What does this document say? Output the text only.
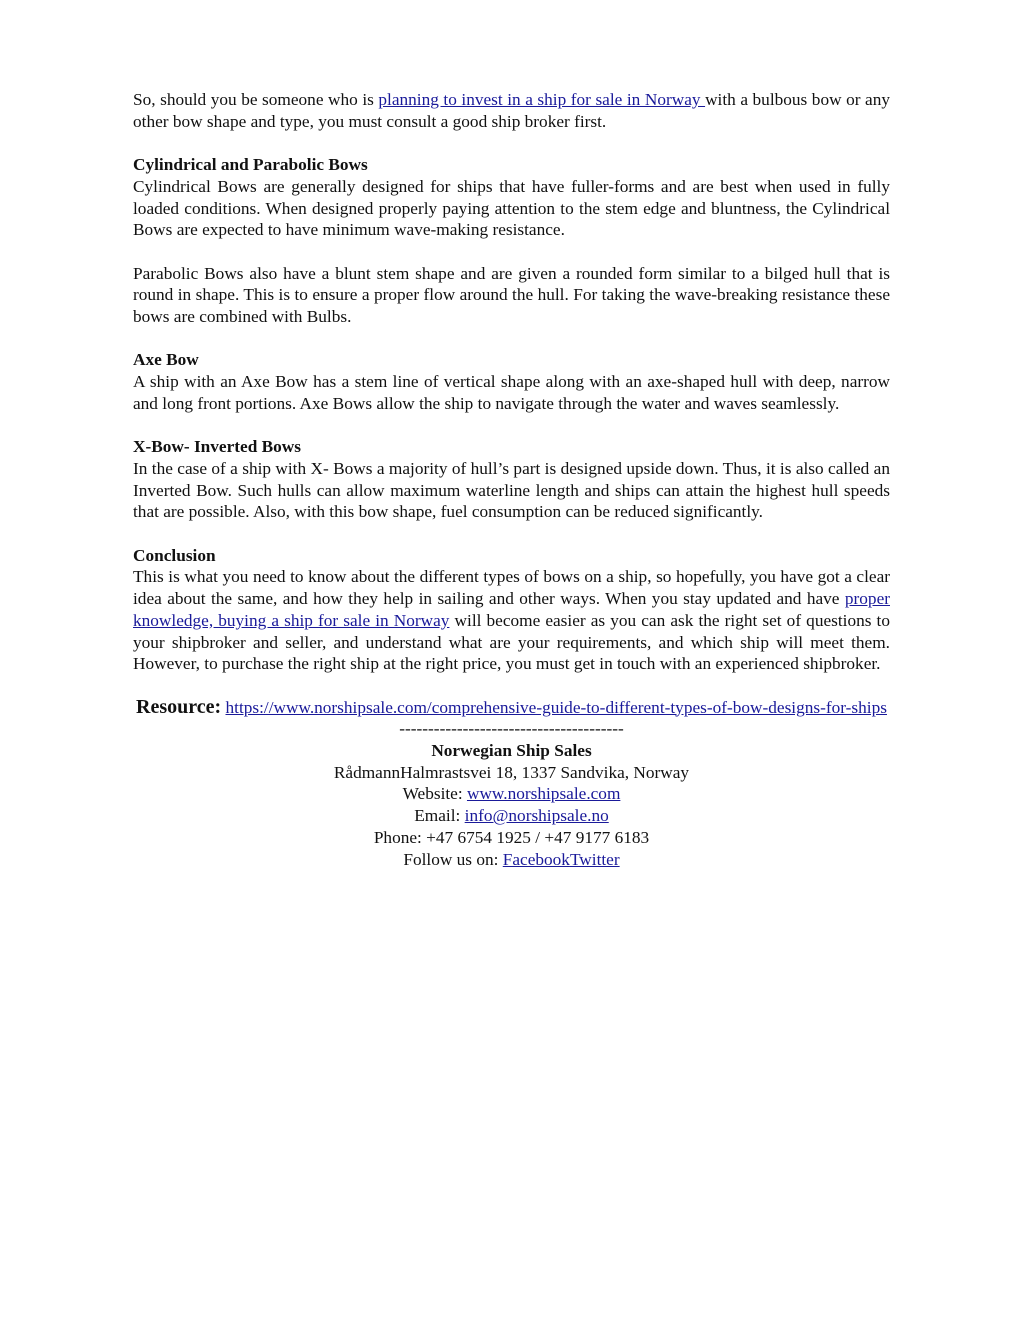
So, should you be someone who is planning to invest in a ship for sale in Norway with a bulbous bow or any other bow shape and type, you must consult a good ship broker first.

Cylindrical and Parabolic Bows

Cylindrical Bows are generally designed for ships that have fuller-forms and are best when used in fully loaded conditions. When designed properly paying attention to the stem edge and bluntness, the Cylindrical Bows are expected to have minimum wave-making resistance.

Parabolic Bows also have a blunt stem shape and are given a rounded form similar to a bilged hull that is round in shape. This is to ensure a proper flow around the hull. For taking the wave-breaking resistance these bows are combined with Bulbs.

Axe Bow

A ship with an Axe Bow has a stem line of vertical shape along with an axe-shaped hull with deep, narrow and long front portions. Axe Bows allow the ship to navigate through the water and waves seamlessly.

X-Bow- Inverted Bows

In the case of a ship with X- Bows a majority of hull’s part is designed upside down. Thus, it is also called an Inverted Bow. Such hulls can allow maximum waterline length and ships can attain the highest hull speeds that are possible. Also, with this bow shape, fuel consumption can be reduced significantly.

Conclusion

This is what you need to know about the different types of bows on a ship, so hopefully, you have got a clear idea about the same, and how they help in sailing and other ways. When you stay updated and have proper knowledge, buying a ship for sale in Norway will become easier as you can ask the right set of questions to your shipbroker and seller, and understand what are your requirements, and which ship will meet them. However, to purchase the right ship at the right price, you must get in touch with an experienced shipbroker.

Resource: https://www.norshipsale.com/comprehensive-guide-to-different-types-of-bow-designs-for-ships

---------------------------------------

Norwegian Ship Sales

RådmannHalmrastsvei 18, 1337 Sandvika, Norway

Website: www.norshipsale.com

Email: info@norshipsale.no

Phone: +47 6754 1925 / +47 9177 6183

Follow us on: FacebookTwitter
